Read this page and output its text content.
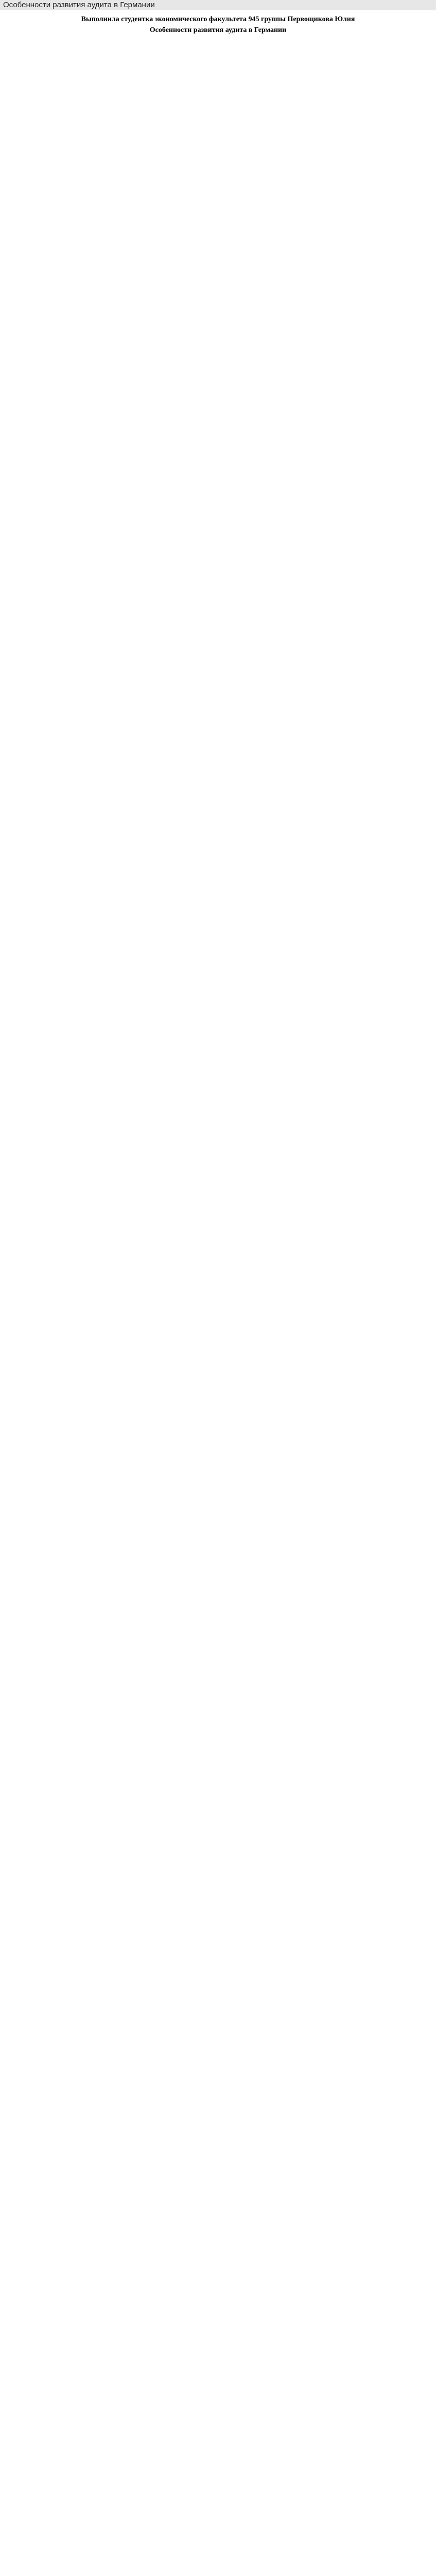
Особенности развития аудита в Германии
Выполнила студентка экономического факультета 945 группы Первощикова Юлия
Особенности развития аудита в Германии
